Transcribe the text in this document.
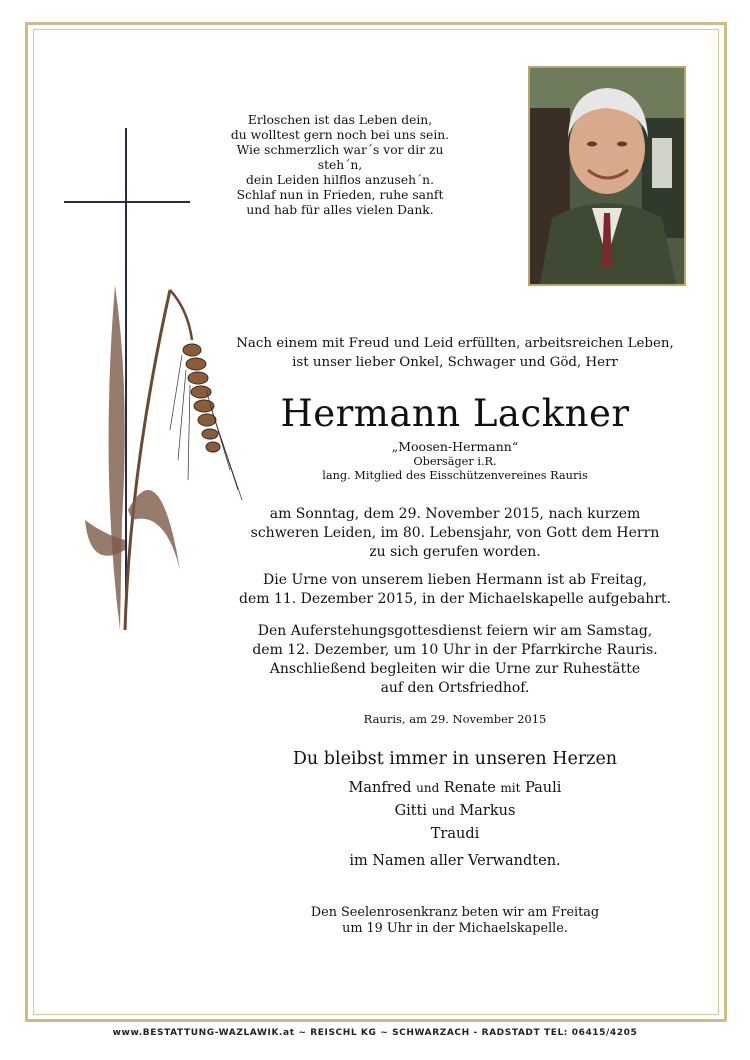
Erloschen ist das Leben dein,
du wolltest gern noch bei uns sein.
Wie schmerzlich war´s vor dir zu steh´n,
dein Leiden hilflos anzuseh´n.
Schlaf nun in Frieden, ruhe sanft
und hab für alles vielen Dank.
Nach einem mit Freud und Leid erfüllten, arbeitsreichen Leben,
ist unser lieber Onkel, Schwager und Göd, Herr
Hermann Lackner
„Moosen-Hermann“
Obersäger i.R.
lang. Mitglied des Eisschützenvereines Rauris
am Sonntag, dem 29. November 2015, nach kurzem
schweren Leiden, im 80. Lebensjahr, von Gott dem Herrn
zu sich gerufen worden.
Die Urne von unserem lieben Hermann ist ab Freitag,
dem 11. Dezember 2015, in der Michaelskapelle aufgebahrt.
Den Auferstehungsgottesdienst feiern wir am Samstag,
dem 12. Dezember, um 10 Uhr in der Pfarrkirche Rauris.
Anschließend begleiten wir die Urne zur Ruhestätte
auf den Ortsfriedhof.
Rauris, am 29. November 2015
Du bleibst immer in unseren Herzen
Manfred und Renate mit Pauli
Gitti und Markus
Traudi
im Namen aller Verwandten.
Den Seelenrosenkranz beten wir am Freitag
um 19 Uhr in der Michaelskapelle.
www.BESTATTUNG-WAZLAWIK.at ~ REISCHL KG ~ SCHWARZACH - RADSTADT TEL: 06415/4205
